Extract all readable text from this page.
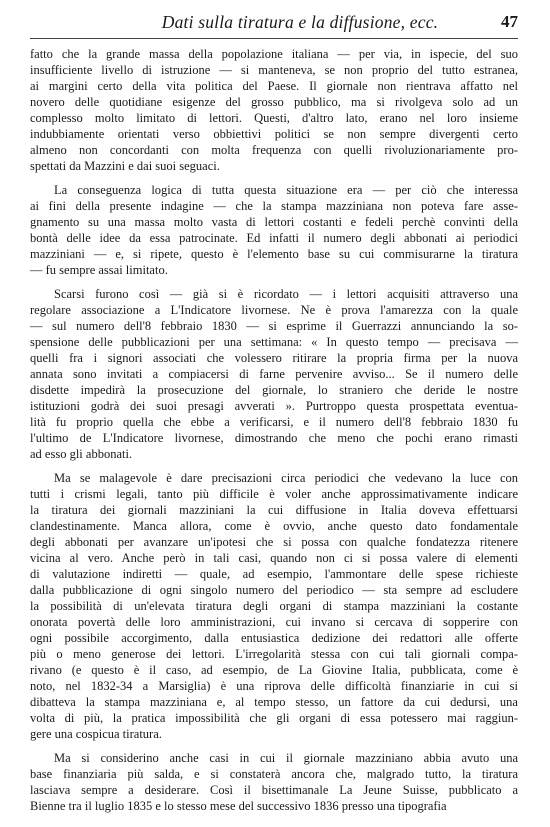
Dati sulla tiratura e la diffusione, ecc.	47
fatto che la grande massa della popolazione italiana — per via, in ispecie, del suo
insufficiente livello di istruzione — si manteneva, se non proprio del tutto estranea,
ai margini certo della vita politica del Paese. Il giornale non rientrava affatto nel
novero delle quotidiane esigenze del grosso pubblico, ma si rivolgeva solo ad un
complesso molto limitato di lettori. Questi, d'altro lato, erano nel loro insieme
indubbiamente orientati verso obbiettivi politici se non sempre divergenti certo
almeno non concordanti con molta frequenza con quelli rivoluzionariamente pro-
spettati da Mazzini e dai suoi seguaci.
La conseguenza logica di tutta questa situazione era — per ciò che interessa
ai fini della presente indagine — che la stampa mazziniana non poteva fare asse-
gnamento su una massa molto vasta di lettori costanti e fedeli perchè convinti della
bontà delle idee da essa patrocinate. Ed infatti il numero degli abbonati ai periodici
mazziniani — e, si ripete, questo è l'elemento base su cui commisurarne la tiratura
— fu sempre assai limitato.
Scarsi furono così — già si è ricordato — i lettori acquisiti attraverso una
regolare associazione a L'Indicatore livornese. Ne è prova l'amarezza con la quale
— sul numero dell'8 febbraio 1830 — si esprime il Guerrazzi annunciando la so-
spensione delle pubblicazioni per una settimana: « In questo tempo — precisava —
quelli fra i signori associati che volessero ritirare la propria firma per la nuova
annata sono invitati a compiacersi di farne pervenire avviso... Se il numero delle
disdette impedirà la prosecuzione del giornale, lo straniero che deride le nostre
istituzioni godrà dei suoi presagi avverati ». Purtroppo questa prospettata eventua-
lità fu proprio quella che ebbe a verificarsi, e il numero dell'8 febbraio 1830 fu
l'ultimo de L'Indicatore livornese, dimostrando che meno che pochi erano rimasti
ad esso gli abbonati.
Ma se malagevole è dare precisazioni circa periodici che vedevano la luce con
tutti i crismi legali, tanto più difficile è voler anche approssimativamente indicare
la tiratura dei giornali mazziniani la cui diffusione in Italia doveva effettuarsi
clandestinamente. Manca allora, come è ovvio, anche questo dato fondamentale
degli abbonati per avanzare un'ipotesi che si possa con qualche fondatezza ritenere
vicina al vero. Anche però in tali casi, quando non ci si possa valere di elementi
di valutazione indiretti — quale, ad esempio, l'ammontare delle spese richieste
dalla pubblicazione di ogni singolo numero del periodico — sta sempre ad escludere
la possibilità di un'elevata tiratura degli organi di stampa mazziniani la costante
onorata povertà delle loro amministrazioni, cui invano si cercava di sopperire con
ogni possibile accorgimento, dalla entusiastica dedizione dei redattori alle offerte
più o meno generose dei lettori. L'irregolarità stessa con cui tali giornali compa-
rivano (e questo è il caso, ad esempio, de La Giovine Italia, pubblicata, come è
noto, nel 1832-34 a Marsiglia) è una riprova delle difficoltà finanziarie in cui si
dibatteva la stampa mazziniana e, al tempo stesso, un fattore da cui dedursi, una
volta di più, la pratica impossibilità che gli organi di essa potessero mai raggiun-
gere una cospicua tiratura.
Ma si considerino anche casi in cui il giornale mazziniano abbia avuto una
base finanziaria più salda, e si constaterà ancora che, malgrado tutto, la tiratura
lasciava sempre a desiderare. Così il bisettimanale La Jeune Suisse, pubblicato a
Bienne tra il luglio 1835 e lo stesso mese del successivo 1836 presso una tipografia
